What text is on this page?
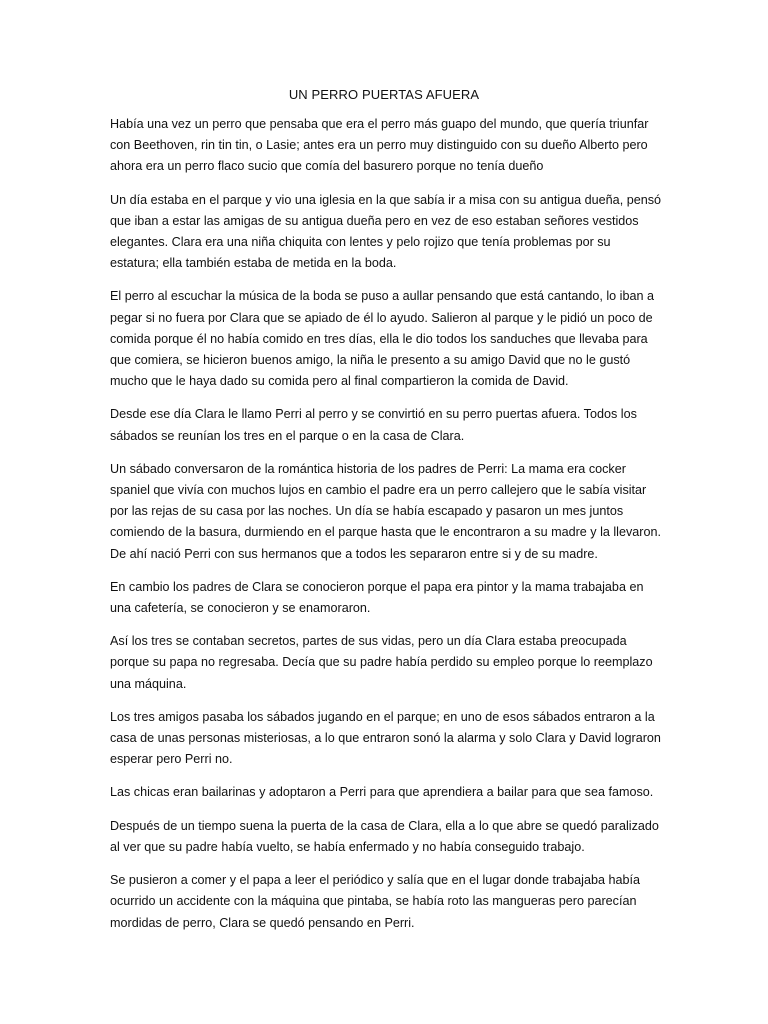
UN PERRO PUERTAS AFUERA

Había una vez un perro que pensaba que era el perro más guapo del mundo, que quería triunfar con Beethoven, rin tin tin, o Lasie; antes era un perro muy distinguido con su dueño Alberto pero ahora era un perro flaco sucio que comía del basurero porque no tenía dueño

Un día estaba en el parque y vio una iglesia en la que sabía ir a misa con su antigua dueña, pensó que iban a estar las amigas de su antigua dueña pero en vez de eso estaban señores vestidos elegantes. Clara era una niña chiquita con lentes y pelo rojizo que tenía problemas por su estatura; ella también estaba de metida en la boda.

El perro al escuchar la música de la boda se puso a aullar pensando que está cantando, lo iban a pegar si no fuera por Clara que se apiado de él lo ayudo. Salieron al parque y le pidió un poco de comida porque él no había comido en tres días, ella le dio todos los sanduches que llevaba para que comiera, se hicieron buenos amigo, la niña le presento a su amigo David que no le gustó mucho que le haya dado su comida pero al final compartieron la comida de David.

Desde ese día Clara le llamo Perri al perro y se convirtió en su perro puertas afuera. Todos los sábados se reunían los tres en el parque o en la casa de Clara.

Un sábado conversaron de la romántica historia de los padres de Perri: La mama era cocker spaniel que vivía con muchos lujos en cambio el padre era un perro callejero que le sabía visitar por las rejas de su casa por las noches. Un día se había escapado y pasaron un mes juntos comiendo de la basura, durmiendo en el parque hasta que le encontraron a su madre y la llevaron. De ahí nació Perri con sus hermanos que a todos les separaron entre si y de su madre.

En cambio los padres de Clara se conocieron porque el papa era pintor y la mama trabajaba en una cafetería, se conocieron y se enamoraron.

Así los tres se contaban secretos, partes de sus vidas, pero un día Clara estaba preocupada porque su papa no regresaba. Decía que su padre había perdido su empleo porque lo reemplazo una máquina.

Los tres amigos pasaba los sábados jugando en el parque; en uno de esos sábados entraron a la casa de unas personas misteriosas, a lo que entraron sonó la alarma y solo Clara y David lograron esperar pero Perri no.

Las chicas eran bailarinas y adoptaron a Perri para que aprendiera a bailar para que sea famoso.

Después de un tiempo suena la puerta de la casa de Clara, ella a lo que abre se quedó paralizado al ver que su padre había vuelto, se había enfermado y no había conseguido trabajo.

Se pusieron a comer y el papa a leer el periódico y salía que en el lugar donde trabajaba había ocurrido un accidente con la máquina que pintaba, se había roto las mangueras pero parecían mordidas de perro, Clara se quedó pensando en Perri.
